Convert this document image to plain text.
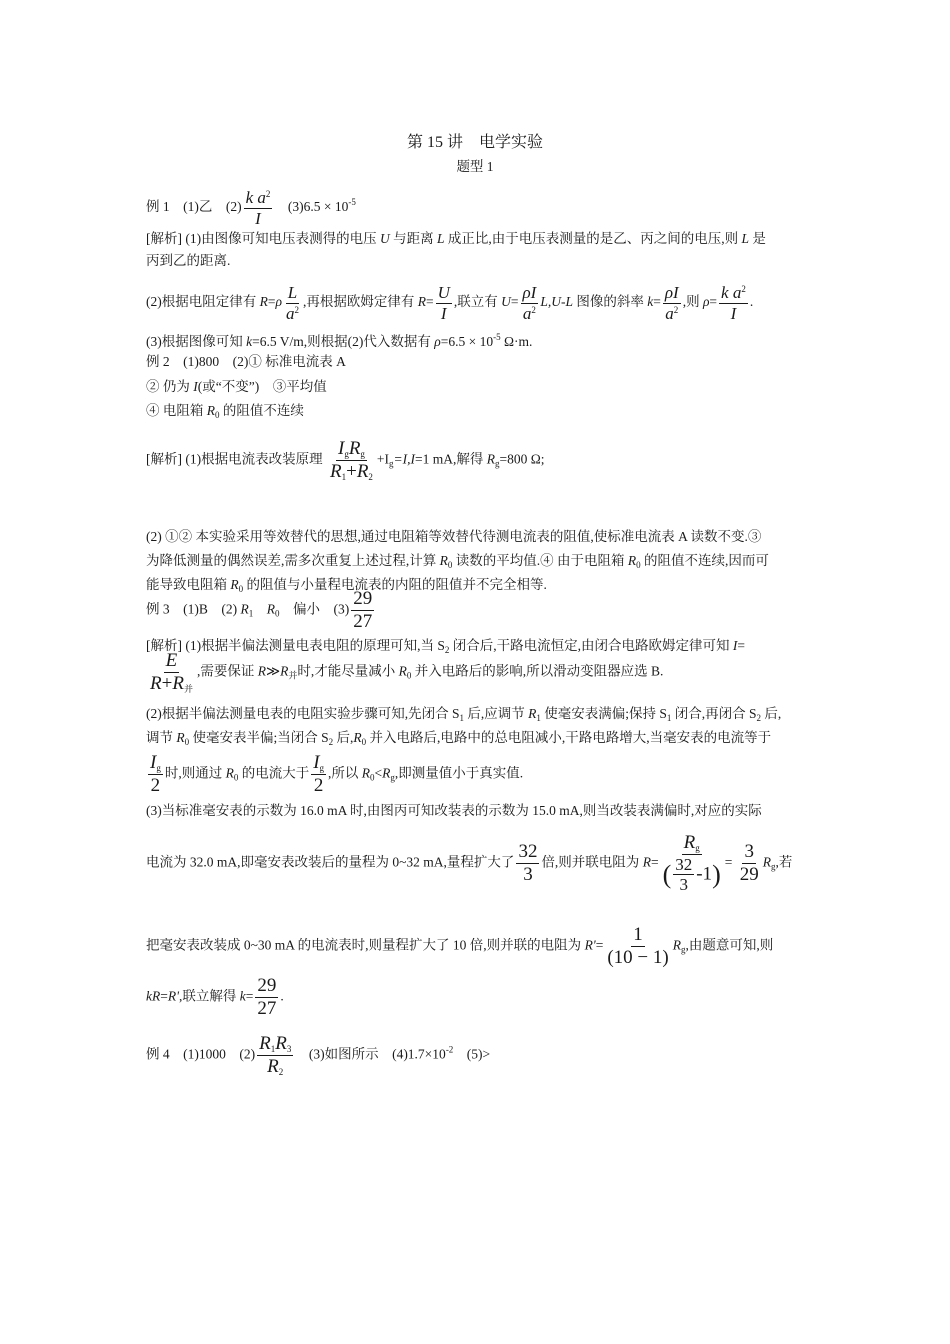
第 15 讲　电学实验
题型 1
例 1　(1)乙　$(2) \frac{k a^2}{I}$ 　$(3)6.5 \times 10^{-5}$
[解析] (1)由图像可知电压表测得的电压 U 与距离 L 成正比,由于电压表测量的是乙、丙之间的电压,则 L 是
丙到乙的距离.
(2)根据电阻定律有 $R=\rho \frac{L}{a^2}$ ,再根据欧姆定律有 $R= \frac{U}{I}$ ,联立有 $U= \frac{\rho I}{a^2} L,U-L$ 图像的斜率 $k= \frac{\rho I}{a^2}$ ,则 $\rho= \frac{k a^2}{I}$ .
(3)根据图像可知 k=6.5 V/m,则根据(2)代入数据有 $\rho=6.5 \times 10^{-5}$ Ω·m.
例 2　(1)800　(2)① 标准电流表 A
② 仍为 I(或“不变”)　③平均值
④ 电阻箱 $R_0$ 的阻值不连续
[解析] (1)根据电流表改装原理 $\frac{\text{IgRg}}{R1+R2} +I_g=I,I=1$ mA,解得 $R_g=800$ Ω;
(2) ①② 本实验采用等效替代的思想,通过电阻箱等效替代待测电流表的阻值,使标准电流表 A 读数不变.③
为降低测量的偶然误差,需多次重复上述过程,计算 $R_0$ 读数的平均值.④ 由于电阻箱 $R_0$ 的阻值不连续,因而可
能导致电阻箱 $R_0$ 的阻值与小量程电流表的内阻的阻值并不完全相等.
例 3　(1)B　(2) $R_1$　 $R_0$　偏小　$(3) \frac{29}{27}$
[解析] (1)根据半偏法测量电表电阻的原理可知,当 $S_2$ 闭合后,干路电流恒定,由闭合电路欧姆定律可知 I=
$\frac{E}{\text{R+R并}}$ ,需要保证 $R≫R_并$时,才能尽量减小 $R_0$ 并入电路后的影响,所以滑动变阻器应选 B.
(2)根据半偏法测量电表的电阻实验步骤可知,先闭合 $S_1$ 后,应调节 $R_1$ 使毫安表满偏;保持 $S_1$ 闭合,再闭合 $S_2$ 后,
调节 $R_0$ 使毫安表半偏;当闭合 $S_2$ 后$,R_0$ 并入电路后,电路中的总电阻减小,干路电路增大,当毫安表的电流等于
$\frac{Ig}{2}$ 时,则通过 $R_0$ 的电流大于 $\frac{Ig}{2}$ ,所以 $R_0<R_g$,即测量值小于真实值.
(3)当标准毫安表的示数为 16.0 mA 时,由图丙可知改装表的示数为 15.0 mA,则当改装表满偏时,对应的实际
电流为 32.0 mA,即毫安表改装后的量程为 0~32 mA,量程扩大了 $\frac{32}{3}$ 倍,则并联电阻为 $R= \frac{Rg}{( \frac{32}{3} -1)} = \frac{3}{29} R_g$,若
把毫安表改装成 0~30 mA 的电流表时,则量程扩大了 10 倍,则并联的电阻为 $R'= \frac{1}{(10 - 1)} R_g$,由题意可知,则
kR=R',联立解得 $k= \frac{29}{27}$ .
例 4　(1)1000　$(2) \frac{R1R3}{R2}$ 　(3)如图所示　$(4)1.7\times 10^{-2}$　(5)>
